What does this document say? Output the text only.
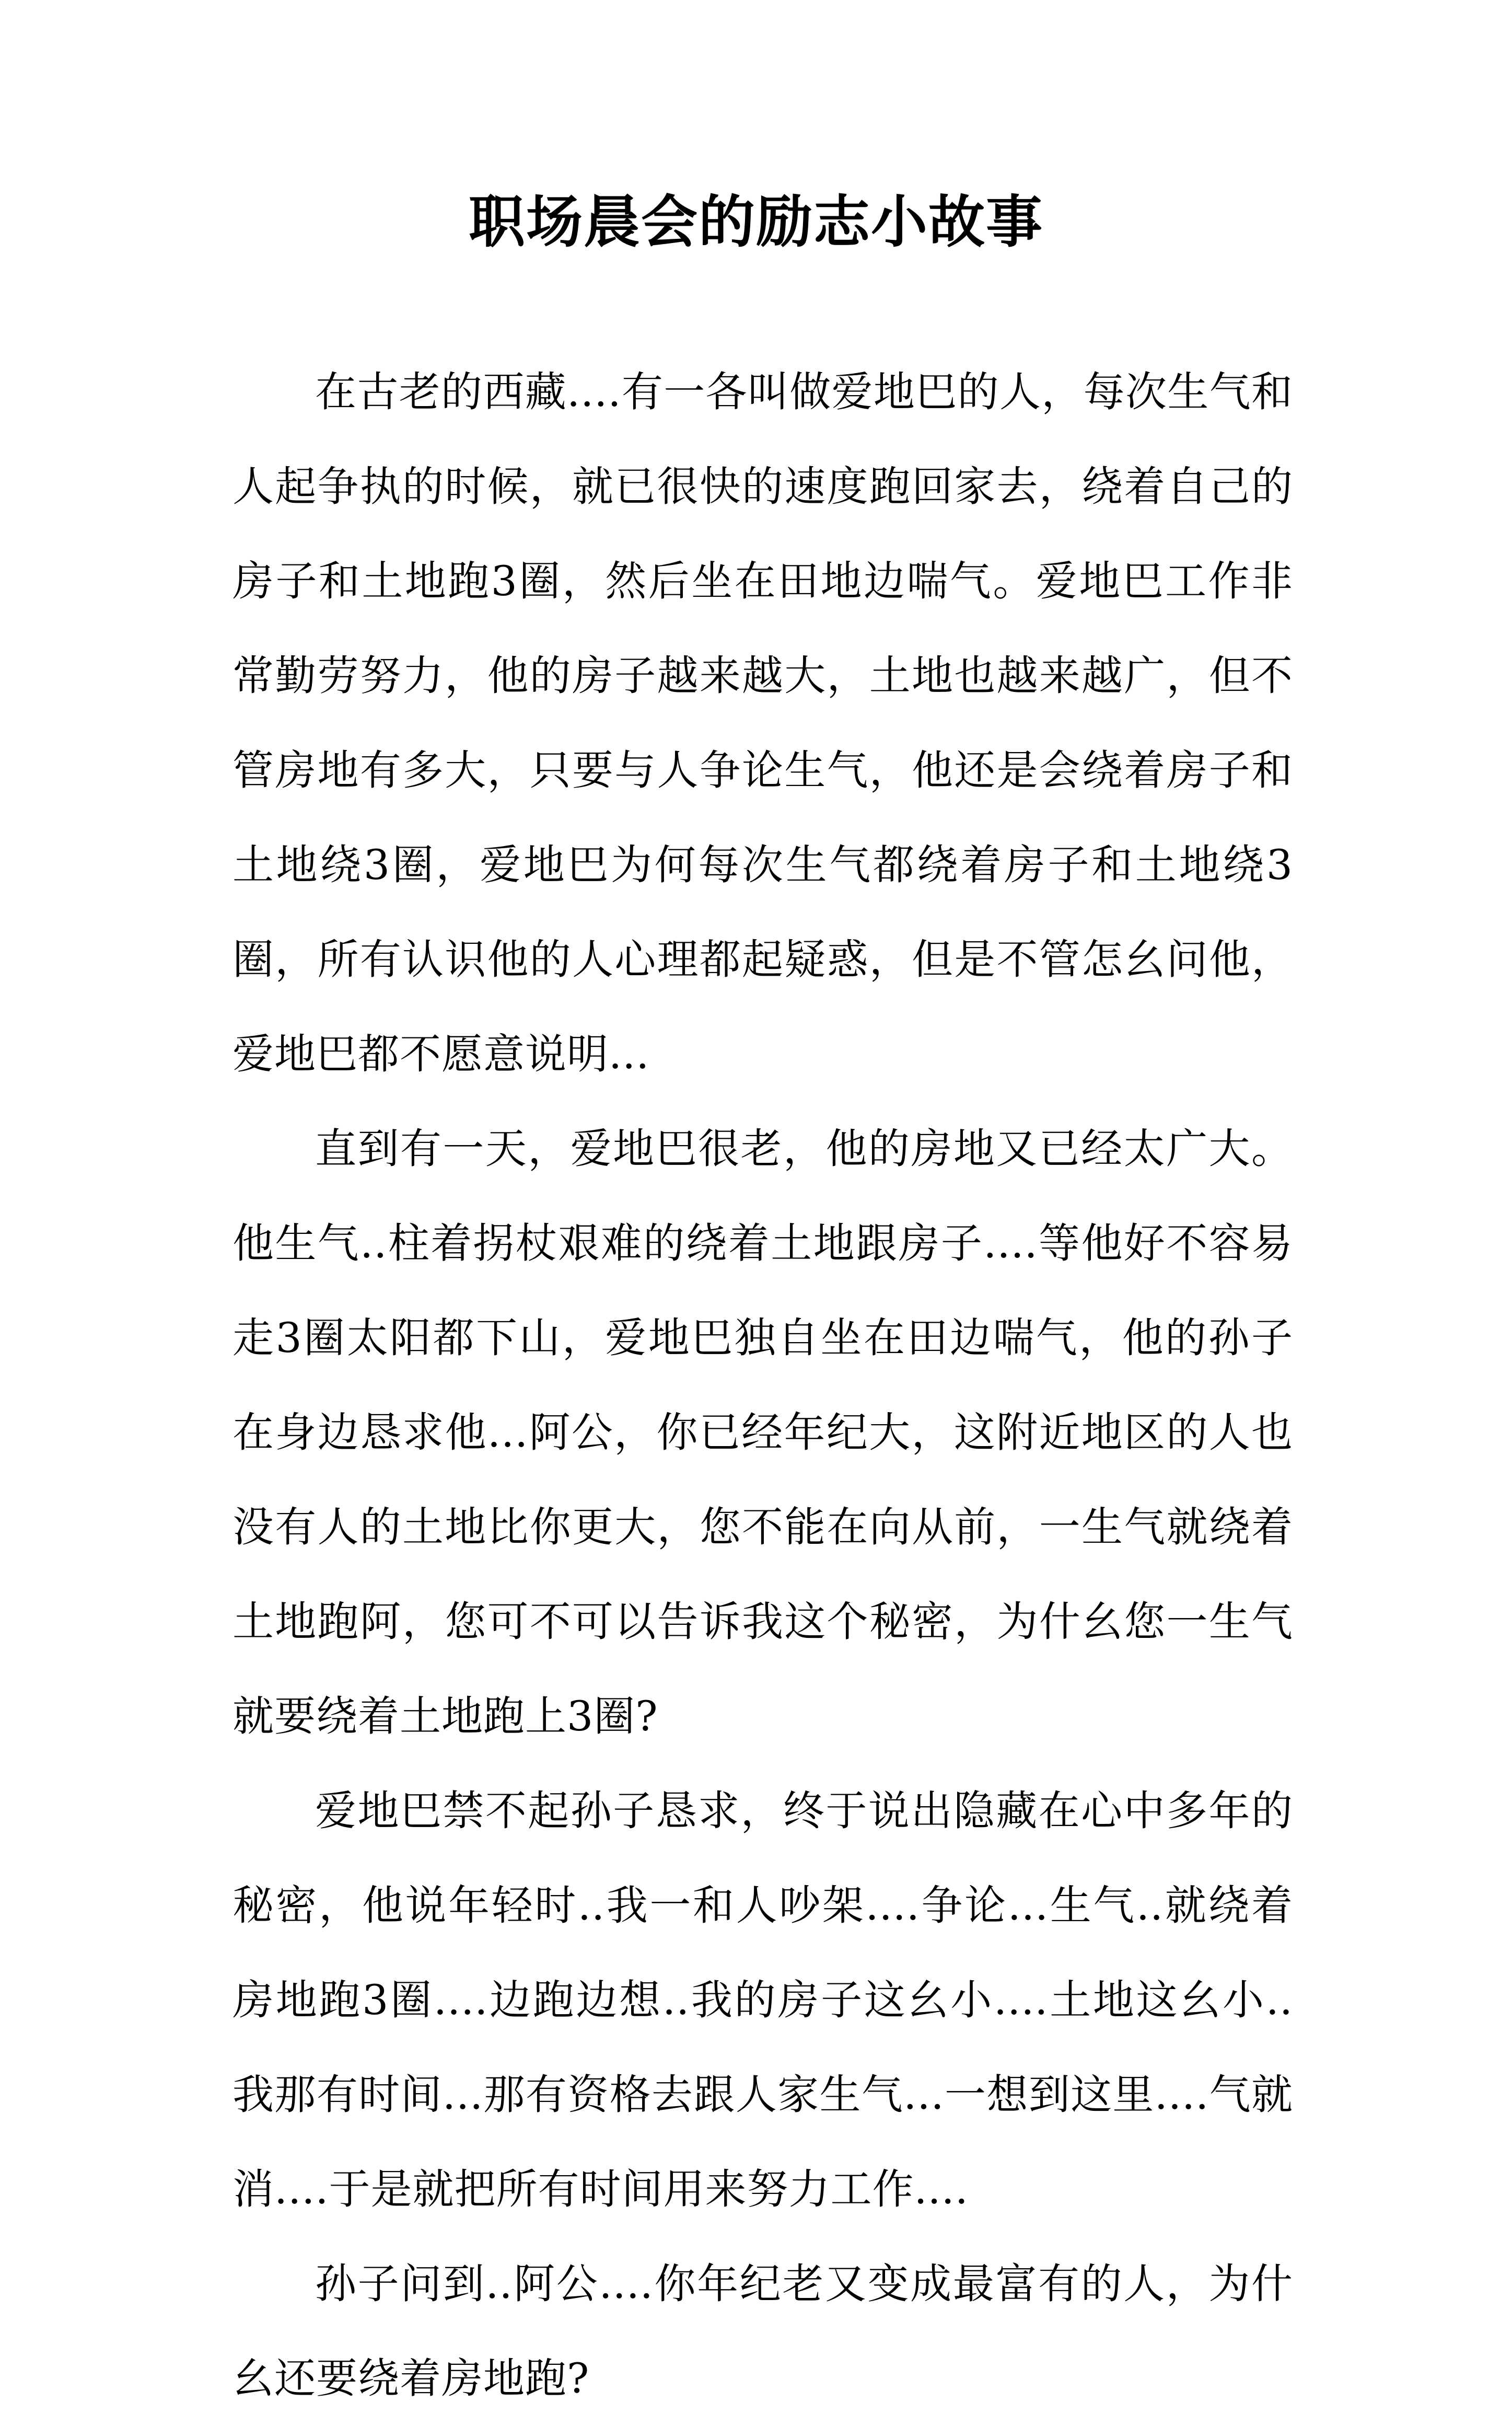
职场晨会的励志小故事

在古老的西藏....有一各叫做爱地巴的人，每次生气和人起争执的时候，就已很快的速度跑回家去，绕着自己的房子和土地跑3圈，然后坐在田地边喘气。爱地巴工作非常勤劳努力，他的房子越来越大，土地也越来越广，但不管房地有多大，只要与人争论生气，他还是会绕着房子和土地绕3圈，爱地巴为何每次生气都绕着房子和土地绕3圈，所有认识他的人心理都起疑惑，但是不管怎幺问他，爱地巴都不愿意说明...

直到有一天，爱地巴很老，他的房地又已经太广大。他生气..柱着拐杖艰难的绕着土地跟房子....等他好不容易走3圈太阳都下山，爱地巴独自坐在田边喘气，他的孙子在身边恳求他...阿公，你已经年纪大，这附近地区的人也没有人的土地比你更大，您不能在向从前，一生气就绕着土地跑阿，您可不可以告诉我这个秘密，为什幺您一生气就要绕着土地跑上3圈?

爱地巴禁不起孙子恳求，终于说出隐藏在心中多年的秘密，他说年轻时..我一和人吵架....争论...生气..就绕着房地跑3圈....边跑边想..我的房子这幺小....土地这幺小..我那有时间...那有资格去跟人家生气...一想到这里....气就消....于是就把所有时间用来努力工作....

孙子问到..阿公....你年纪老又变成最富有的人，为什幺还要绕着房地跑?
